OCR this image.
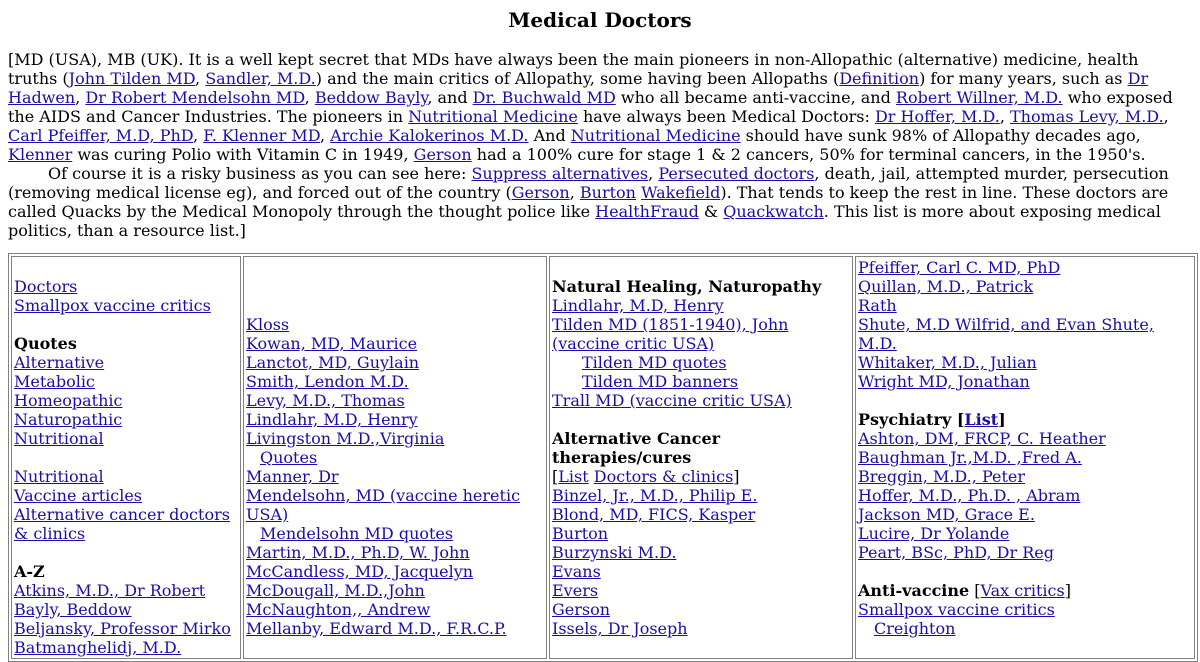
Medical Doctors

[MD (USA), MB (UK). It is a well kept secret that MDs have always been the main pioneers in non-Allopathic (alternative) medicine, health truths (John Tilden MD, Sandler, M.D.) and the main critics of Allopathy, some having been Allopaths (Definition) for many years, such as Dr Hadwen, Dr Robert Mendelsohn MD, Beddow Bayly, and Dr. Buchwald MD who all became anti-vaccine, and Robert Willner, M.D. who exposed the AIDS and Cancer Industries. The pioneers in Nutritional Medicine have always been Medical Doctors: Dr Hoffer, M.D., Thomas Levy, M.D., Carl Pfeiffer, M.D, PhD, F. Klenner MD, Archie Kalokerinos M.D. And Nutritional Medicine should have sunk 98% of Allopathy decades ago, Klenner was curing Polio with Vitamin C in 1949, Gerson had a 100% cure for stage 1 & 2 cancers, 50% for terminal cancers, in the 1950's.

Of course it is a risky business as you can see here: Suppress alternatives, Persecuted doctors, death, jail, attempted murder, persecution (removing medical license eg), and forced out of the country (Gerson, Burton Wakefield). That tends to keep the rest in line. These doctors are called Quacks by the Medical Monopoly through the thought police like HealthFraud & Quackwatch. This list is more about exposing medical politics, than a resource list.]

Doctors
Smallpox vaccine critics
Quotes
Alternative
Metabolic
Homeopathic
Naturopathic
Nutritional
Nutritional
Vaccine articles
Alternative cancer doctors & clinics
A-Z
Atkins, M.D., Dr Robert
Bayly, Beddow
Beljansky, Professor Mirko
Batmanghelidj, M.D.

Kloss
Kowan, MD, Maurice
Lanctot, MD, Guylain
Smith, Lendon M.D.
Levy, M.D., Thomas
Lindlahr, M.D, Henry
Livingston M.D.,Virginia
Quotes
Manner, Dr
Mendelsohn, MD (vaccine heretic USA)
Mendelsohn MD quotes
Martin, M.D., Ph.D, W. John
McCandless, MD, Jacquelyn
McDougall, M.D.,John
McNaughton,, Andrew
Mellanby, Edward M.D., F.R.C.P.

Natural Healing, Naturopathy
Lindlahr, M.D, Henry
Tilden MD (1851-1940), John (vaccine critic USA)
Tilden MD quotes
Tilden MD banners
Trall MD (vaccine critic USA)
Alternative Cancer therapies/cures
[List Doctors & clinics]
Binzel, Jr., M.D., Philip E.
Blond, MD, FICS, Kasper
Burton
Burzynski M.D.
Evans
Evers
Gerson
Issels, Dr Joseph

Pfeiffer, Carl C. MD, PhD
Quillan, M.D., Patrick
Rath
Shute, M.D Wilfrid, and Evan Shute, M.D.
Whitaker, M.D., Julian
Wright MD, Jonathan
Psychiatry [List]
Ashton, DM, FRCP, C. Heather
Baughman Jr.,M.D. ,Fred A.
Breggin, M.D., Peter
Hoffer, M.D., Ph.D. , Abram
Jackson MD, Grace E.
Lucire, Dr Yolande
Peart, BSc, PhD, Dr Reg
Anti-vaccine [Vax critics]
Smallpox vaccine critics
Creighton
